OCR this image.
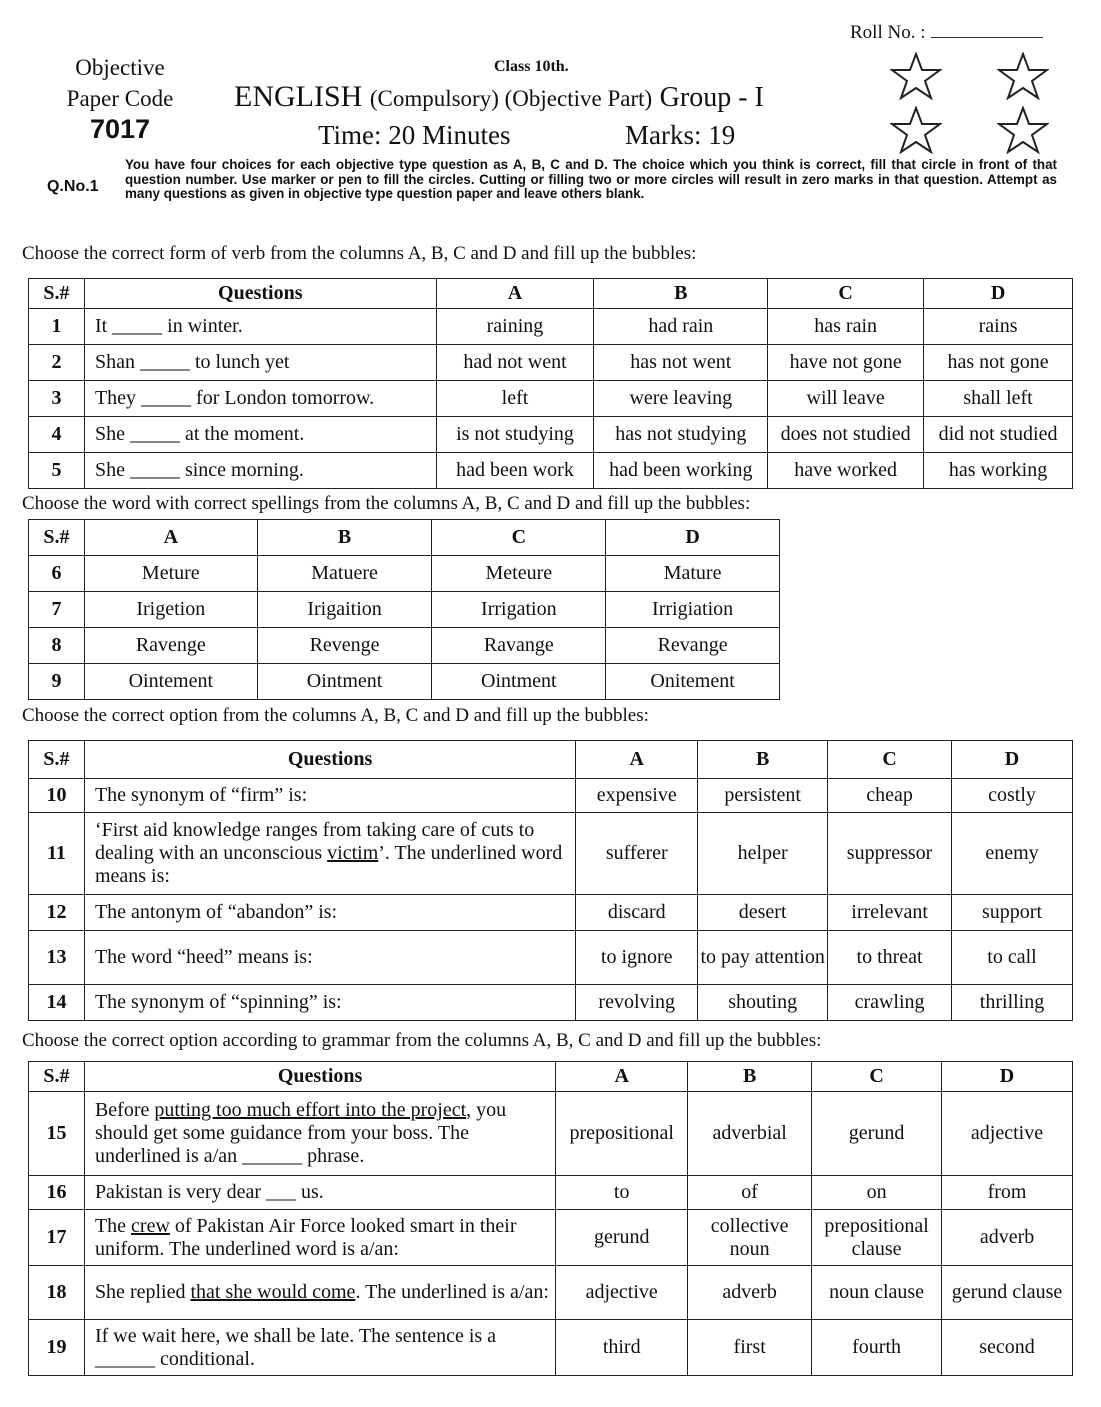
Roll No. :
Objective
Paper Code
7017
Class 10th.
ENGLISH (Compulsory) (Objective Part) Group - I
Time: 20 Minutes	Marks: 19
Q.No.1
You have four choices for each objective type question as A, B, C and D. The choice which you think is correct, fill that circle in front of that question number. Use marker or pen to fill the circles. Cutting or filling two or more circles will result in zero marks in that question. Attempt as many questions as given in objective type question paper and leave others blank.
Choose the correct form of verb from the columns A, B, C and D and fill up the bubbles:
S.#	Questions	A	B	C	D
1	It _____ in winter.	raining	had rain	has rain	rains
2	Shan _____ to lunch yet	had not went	has not went	have not gone	has not gone
3	They _____ for London tomorrow.	left	were leaving	will leave	shall left
4	She _____ at the moment.	is not studying	has not studying	does not studied	did not studied
5	She _____ since morning.	had been work	had been working	have worked	has working
Choose the word with correct spellings from the columns A, B, C and D and fill up the bubbles:
S.#	A	B	C	D
6	Meture	Matuere	Meteure	Mature
7	Irigetion	Irigaition	Irrigation	Irrigiation
8	Ravenge	Revenge	Ravange	Revange
9	Ointement	Ointment	Ointment	Onitement
Choose the correct option from the columns A, B, C and D and fill up the bubbles:
S.#	Questions	A	B	C	D
10	The synonym of “firm” is:	expensive	persistent	cheap	costly
11	‘First aid knowledge ranges from taking care of cuts to dealing with an unconscious victim’. The underlined word means is:	sufferer	helper	suppressor	enemy
12	The antonym of “abandon” is:	discard	desert	irrelevant	support
13	The word “heed” means is:	to ignore	to pay attention	to threat	to call
14	The synonym of “spinning” is:	revolving	shouting	crawling	thrilling
Choose the correct option according to grammar from the columns A, B, C and D and fill up the bubbles:
S.#	Questions	A	B	C	D
15	Before putting too much effort into the project, you should get some guidance from your boss. The underlined is a/an ______ phrase.	prepositional	adverbial	gerund	adjective
16	Pakistan is very dear ___ us.	to	of	on	from
17	The crew of Pakistan Air Force looked smart in their uniform. The underlined word is a/an:	gerund	collective noun	prepositional clause	adverb
18	She replied that she would come. The underlined is a/an:	adjective	adverb	noun clause	gerund clause
19	If we wait here, we shall be late. The sentence is a ______ conditional.	third	first	fourth	second
